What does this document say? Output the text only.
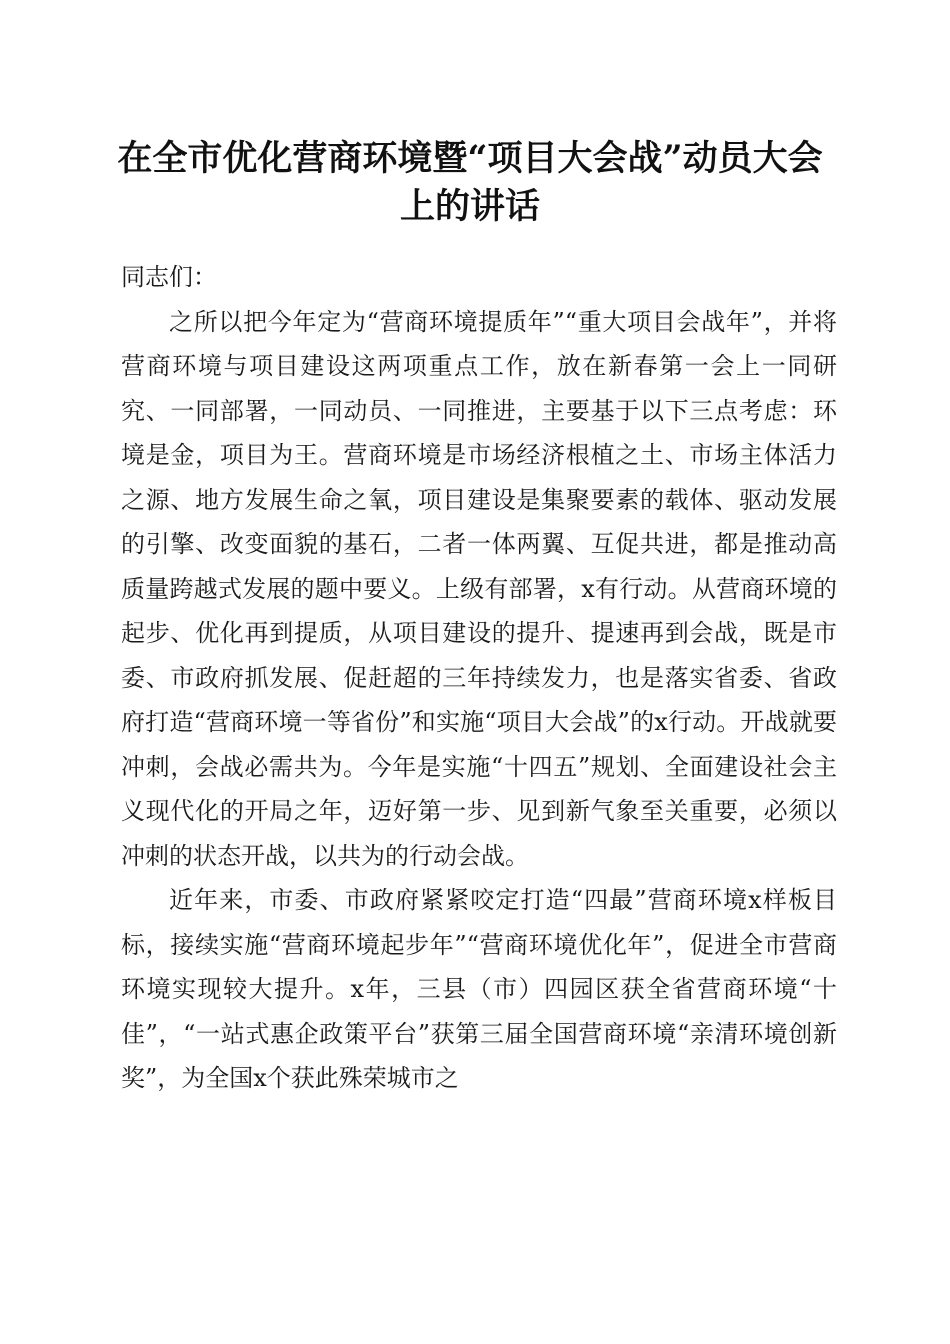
在全市优化营商环境暨“项目大会战”动员大会上的讲话

同志们：

之所以把今年定为“营商环境提质年”“重大项目会战年”，并将营商环境与项目建设这两项重点工作，放在新春第一会上一同研究、一同部署，一同动员、一同推进，主要基于以下三点考虑：环境是金，项目为王。营商环境是市场经济根植之土、市场主体活力之源、地方发展生命之氧，项目建设是集聚要素的载体、驱动发展的引擎、改变面貌的基石，二者一体两翼、互促共进，都是推动高质量跨越式发展的题中要义。上级有部署，x有行动。从营商环境的起步、优化再到提质，从项目建设的提升、提速再到会战，既是市委、市政府抓发展、促赶超的三年持续发力，也是落实省委、省政府打造“营商环境一等省份”和实施“项目大会战”的x行动。开战就要冲刺，会战必需共为。今年是实施“十四五”规划、全面建设社会主义现代化的开局之年，迈好第一步、见到新气象至关重要，必须以冲刺的状态开战，以共为的行动会战。

近年来，市委、市政府紧紧咬定打造“四最”营商环境x样板目标，接续实施“营商环境起步年”“营商环境优化年”，促进全市营商环境实现较大提升。x年，三县（市）四园区获全省营商环境“十佳”，“一站式惠企政策平台”获第三届全国营商环境“亲清环境创新奖”，为全国x个获此殊荣城市之
